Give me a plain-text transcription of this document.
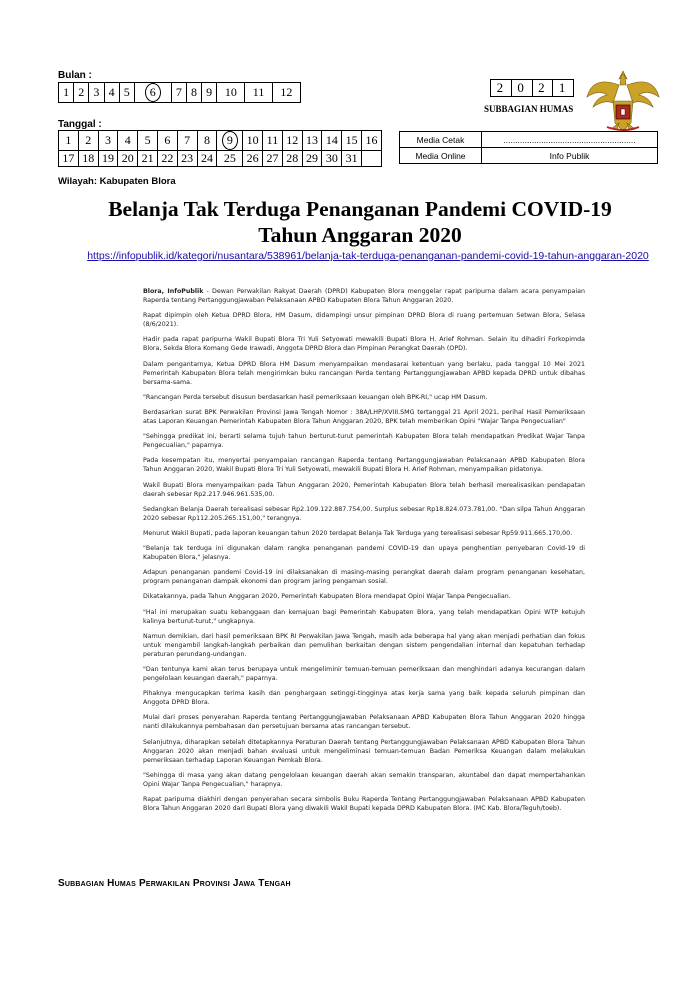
Bulan :
1	2	3	4	5	6	7	8	9	10	11	12
Tanggal :
1	2	3	4	5	6	7	8	9	10	11	12	13	14	15	16
17	18	19	20	21	22	23	24	25	26	27	28	29	30	31	
2	0	2	1
SUBBAGIAN HUMAS
Media Cetak	........................................................
Media Online	Info Publik
Wilayah: Kabupaten Blora
Belanja Tak Terduga Penanganan Pandemi COVID-19
Tahun Anggaran 2020
https://infopublik.id/kategori/nusantara/538961/belanja-tak-terduga-penanganan-pandemi-covid-19-tahun-anggaran-2020

Blora, InfoPublik - Dewan Perwakilan Rakyat Daerah (DPRD) Kabupaten Blora menggelar rapat paripurna dalam acara penyampaian Raperda tentang Pertanggungjawaban Pelaksanaan APBD Kabupaten Blora Tahun Anggaran 2020.

Rapat dipimpin oleh Ketua DPRD Blora, HM Dasum, didampingi unsur pimpinan DPRD Blora di ruang pertemuan Setwan Blora, Selasa (8/6/2021).

Hadir pada rapat paripurna Wakil Bupati Blora Tri Yuli Setyowati mewakili Bupati Blora H. Arief Rohman. Selain itu dihadiri Forkopimda Blora, Sekda Blora Komang Gede Irawadi, Anggota DPRD Blora dan Pimpinan Perangkat Daerah (OPD).

Dalam pengantarnya, Ketua DPRD Blora HM Dasum menyampaikan mendasarai ketentuan yang berlaku, pada tanggal 10 Mei 2021 Pemerintah Kabupaten Blora telah mengirimkan buku rancangan Perda tentang Pertanggungjawaban APBD kepada DPRD untuk dibahas bersama-sama.

"Rancangan Perda tersebut disusun berdasarkan hasil pemeriksaan keuangan oleh BPK-RI," ucap HM Dasum.

Berdasarkan surat BPK Perwakilan Provinsi Jawa Tengah Nomor : 38A/LHP/XVIII.SMG tertanggal 21 April 2021, perihal Hasil Pemeriksaan atas Laporan Keuangan Pemerintah Kabupaten Blora Tahun Anggaran 2020, BPK telah memberikan Opini "Wajar Tanpa Pengecualian"

"Sehingga predikat ini, berarti selama tujuh tahun berturut-turut pemerintah Kabupaten Blora telah mendapatkan Predikat Wajar Tanpa Pengecualian," paparnya.

Pada kesempatan itu, menyertai penyampaian rancangan Raperda tentang Pertanggungjawaban Pelaksanaan APBD Kabupaten Blora Tahun Anggaran 2020, Wakil Bupati Blora Tri Yuli Setyowati, mewakili Bupati Blora H. Arief Rohman, menyampaikan pidatonya.

Wakil Bupati Blora menyampaikan pada Tahun Anggaran 2020, Pemerintah Kabupaten Blora telah berhasil merealisasikan pendapatan daerah sebesar Rp2.217.946.961.535,00.

Sedangkan Belanja Daerah terealisasi sebesar Rp2.109.122.887.754,00. Surplus sebesar Rp18.824.073.781,00. "Dan silpa Tahun Anggaran 2020 sebesar Rp112.205.265.151,00," terangnya.

Menurut Wakil Bupati, pada laporan keuangan tahun 2020 terdapat Belanja Tak Terduga yang terealisasi sebesar Rp59.911.665.170,00.

"Belanja tak terduga ini digunakan dalam rangka penanganan pandemi COVID-19 dan upaya penghentian penyebaran Covid-19 di Kabupaten Blora," jelasnya.

Adapun penanganan pandemi Covid-19 ini dilaksanakan di masing-masing perangkat daerah dalam program penanganan kesehatan, program penanganan dampak ekonomi dan program jaring pengaman sosial.

Dikatakannya, pada Tahun Anggaran 2020, Pemerintah Kabupaten Blora mendapat Opini Wajar Tanpa Pengecualian.

"Hal ini merupakan suatu kebanggaan dan kemajuan bagi Pemerintah Kabupaten Blora, yang telah mendapatkan Opini WTP ketujuh kalinya berturut-turut," ungkapnya.

Namun demikian, dari hasil pemeriksaan BPK RI Perwakilan Jawa Tengah, masih ada beberapa hal yang akan menjadi perhatian dan fokus untuk mengambil langkah-langkah perbaikan dan pemulihan berkaitan dengan sistem pengendalian internal dan kepatuhan terhadap peraturan perundang-undangan.

"Dan tentunya kami akan terus berupaya untuk mengeliminir temuan-temuan pemeriksaan dan menghindari adanya kecurangan dalam pengelolaan keuangan daerah," paparnya.

Pihaknya mengucapkan terima kasih dan penghargaan setinggi-tingginya atas kerja sama yang baik kepada seluruh pimpinan dan Anggota DPRD Blora.

Mulai dari proses penyerahan Raperda tentang Pertanggungjawaban Pelaksanaan APBD Kabupaten Blora Tahun Anggaran 2020 hingga nanti dilakukannya pembahasan dan persetujuan bersama atas rancangan tersebut.

Selanjutnya, diharapkan setelah ditetapkannya Peraturan Daerah tentang Pertanggungjawaban Pelaksanaan APBD Kabupaten Blora Tahun Anggaran 2020 akan menjadi bahan evaluasi untuk mengeliminasi temuan-temuan Badan Pemeriksa Keuangan dalam melakukan pemeriksaan terhadap Laporan Keuangan Pemkab Blora.

"Sehingga di masa yang akan datang pengelolaan keuangan daerah akan semakin transparan, akuntabel dan dapat mempertahankan Opini Wajar Tanpa Pengecualian," harapnya.

Rapat paripurna diakhiri dengan penyerahan secara simbolis Buku Raperda Tentang Pertanggungjawaban Pelaksanaan APBD Kabupaten Blora Tahun Anggaran 2020 dari Bupati Blora yang diwakili Wakil Bupati kepada DPRD Kabupaten Blora. (MC Kab. Blora/Teguh/toeb).

Subbagian Humas Perwakilan Provinsi Jawa Tengah
